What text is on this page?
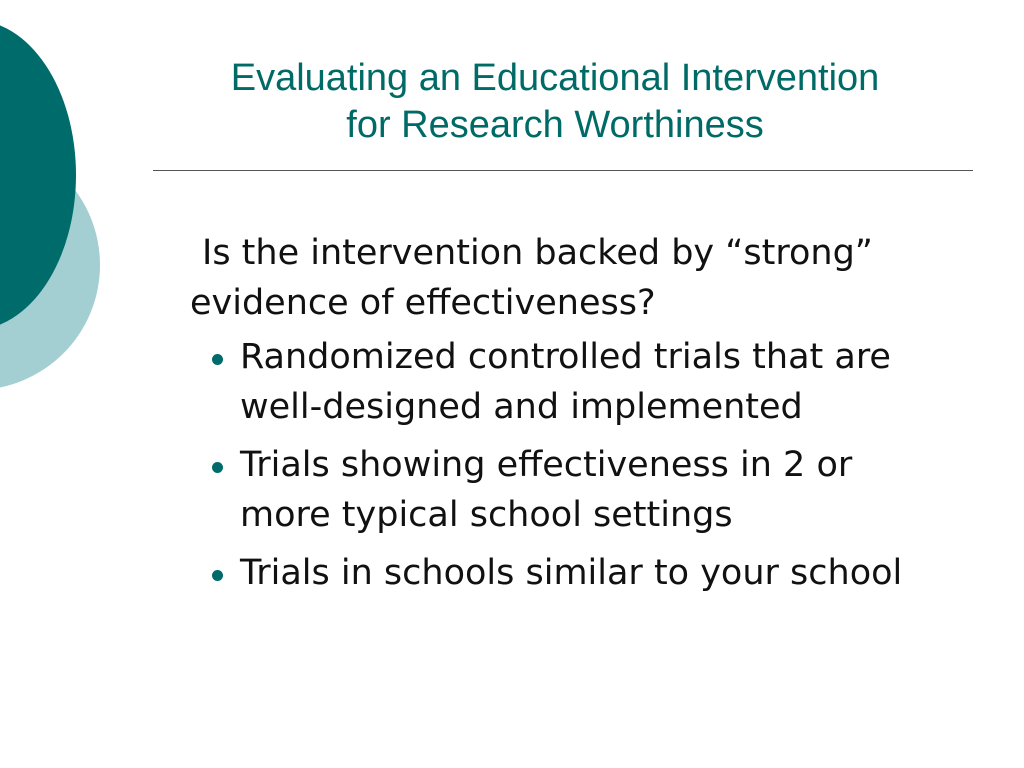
Evaluating an Educational Intervention
for Research Worthiness

Is the intervention backed by “strong” evidence of effectiveness?

Randomized controlled trials that are well-designed and implemented
Trials showing effectiveness in 2 or more typical school settings
Trials in schools similar to your school
